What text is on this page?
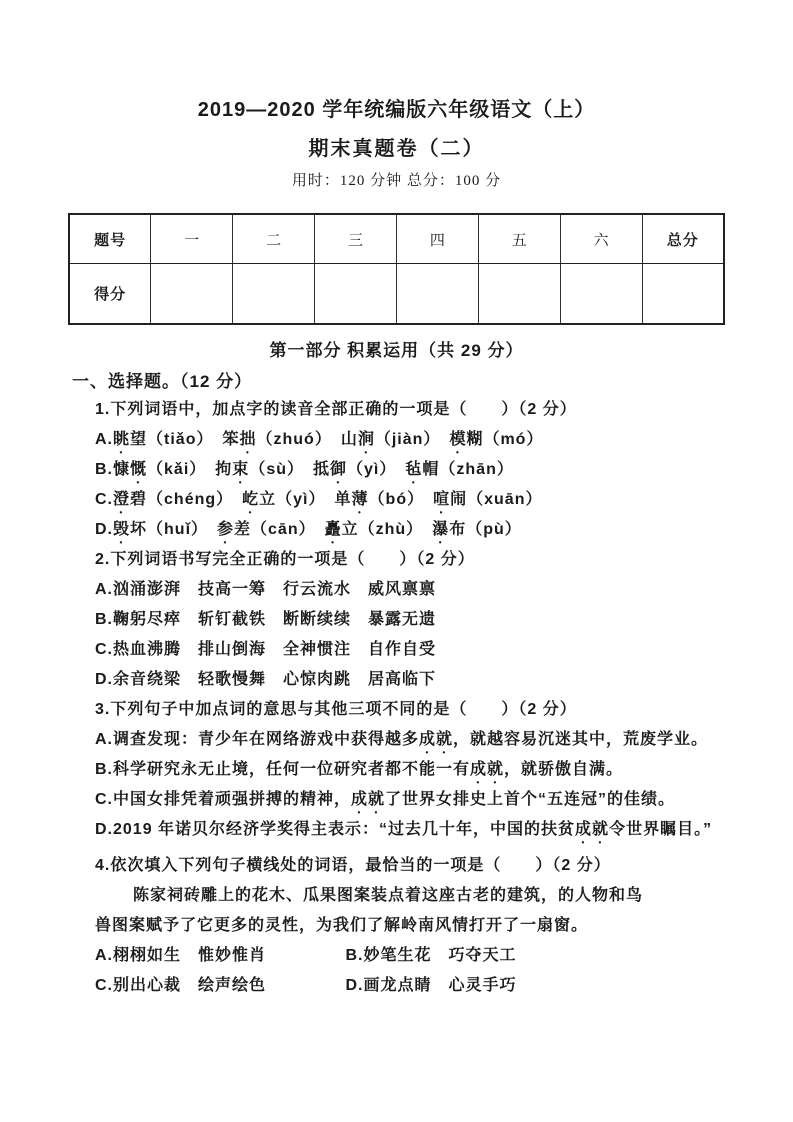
2019—2020 学年统编版六年级语文（上）
期末真题卷（二）
用时：120 分钟 总分：100 分
题号	一	二	三	四	五	六	总分
得分							
第一部分 积累运用（共 29 分）
一、选择题。（12 分）
1.下列词语中，加点字的读音全部正确的一项是（　　）（2 分）
A.眺望（tiǎo）　笨拙（zhuó）　山涧（jiàn）　模糊（mó）
B.慷慨（kǎi）　拘束（sù）　抵御（yì）　毡帽（zhān）
C.澄碧（chéng）　屹立（yì）　单薄（bó）　喧闹（xuān）
D.毁坏（huǐ）　参差（cān）　矗立（zhù）　瀑布（pù）
2.下列词语书写完全正确的一项是（　　）（2 分）
A.汹涌澎湃　技高一筹　行云流水　威风禀禀
B.鞠躬尽瘁　斩钉截铁　断断续续　暴露无遗
C.热血沸腾　排山倒海　全神惯注　自作自受
D.余音绕梁　轻歌慢舞　心惊肉跳　居高临下
3.下列句子中加点词的意思与其他三项不同的是（　　）（2 分）
A.调查发现：青少年在网络游戏中获得越多成就，就越容易沉迷其中，荒废学业。
B.科学研究永无止境，任何一位研究者都不能一有成就，就骄傲自满。
C.中国女排凭着顽强拼搏的精神，成就了世界女排史上首个“五连冠”的佳绩。
D.2019 年诺贝尔经济学奖得主表示：“过去几十年，中国的扶贫成就令世界瞩目。”
4.依次填入下列句子横线处的词语，最恰当的一项是（　　）（2 分）
陈家祠砖雕上的花木、瓜果图案装点着这座古老的建筑，的人物和鸟
兽图案赋予了它更多的灵性，为我们了解岭南风情打开了一扇窗。
A.栩栩如生　惟妙惟肖	B.妙笔生花　巧夺天工
C.别出心裁　绘声绘色	D.画龙点睛　心灵手巧
